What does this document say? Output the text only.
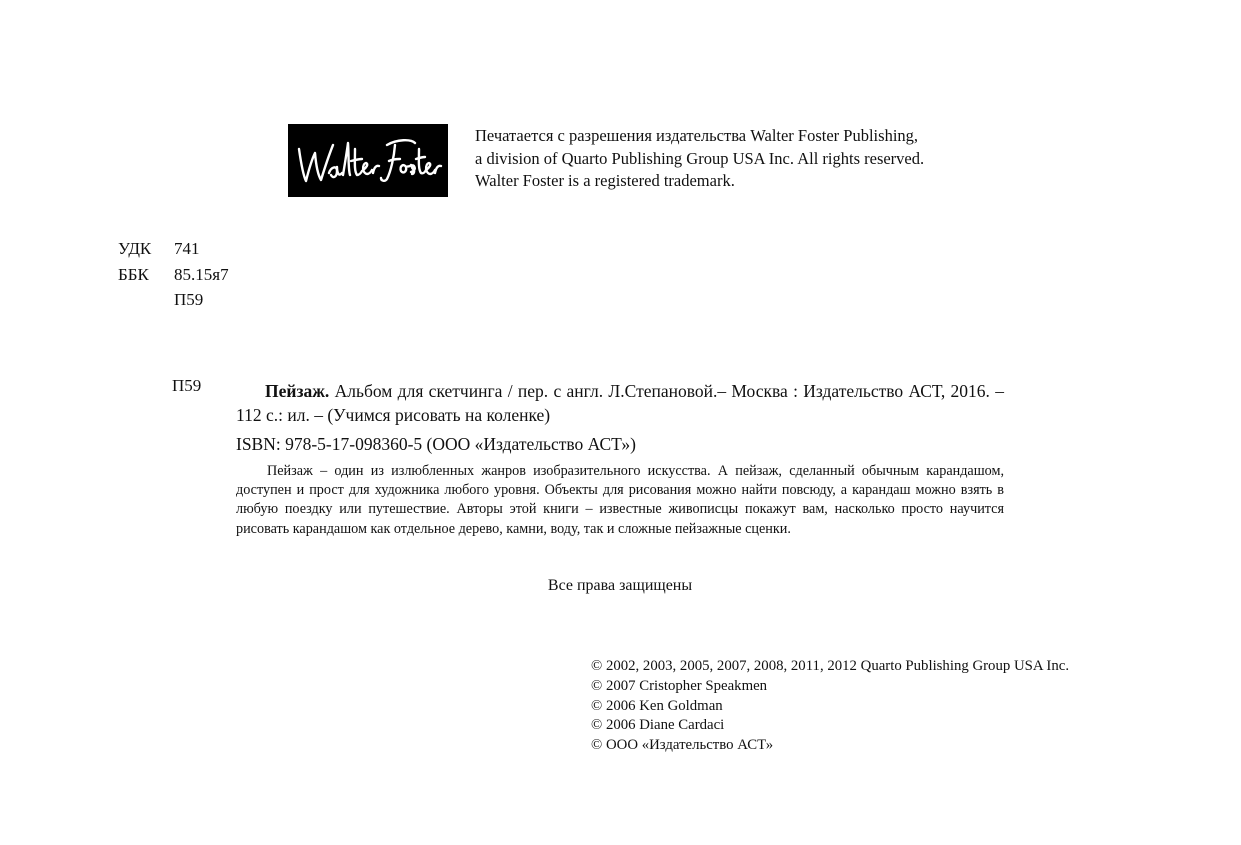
Печатается с разрешения издательства Walter Foster Publishing,
a division of Quarto Publishing Group USA Inc. All rights reserved.
Walter Foster is a registered trademark.
УДК	741
ББК	85.15я7
П59
П59	Пейзаж. Альбом для скетчинга / пер. с англ. Л.Степановой.– Москва : Издательство АСТ, 2016. – 112 с.: ил. – (Учимся рисовать на коленке)
ISBN: 978-5-17-098360-5 (ООО «Издательство АСТ»)
Пейзаж – один из излюбленных жанров изобразительного искусства. А пейзаж, сделанный обычным карандашом, доступен и прост для художника любого уровня. Объекты для рисования можно найти повсюду, а карандаш можно взять в любую поездку или путешествие. Авторы этой книги – известные живописцы покажут вам, насколько просто научится рисовать карандашом как отдельное дерево, камни, воду, так и сложные пейзажные сценки.
Все права защищены
© 2002, 2003, 2005, 2007, 2008, 2011, 2012 Quarto Publishing Group USA Inc.
© 2007 Cristopher Speakmen
© 2006 Ken Goldman
© 2006 Diane Cardaci
© ООО «Издательство АСТ»
